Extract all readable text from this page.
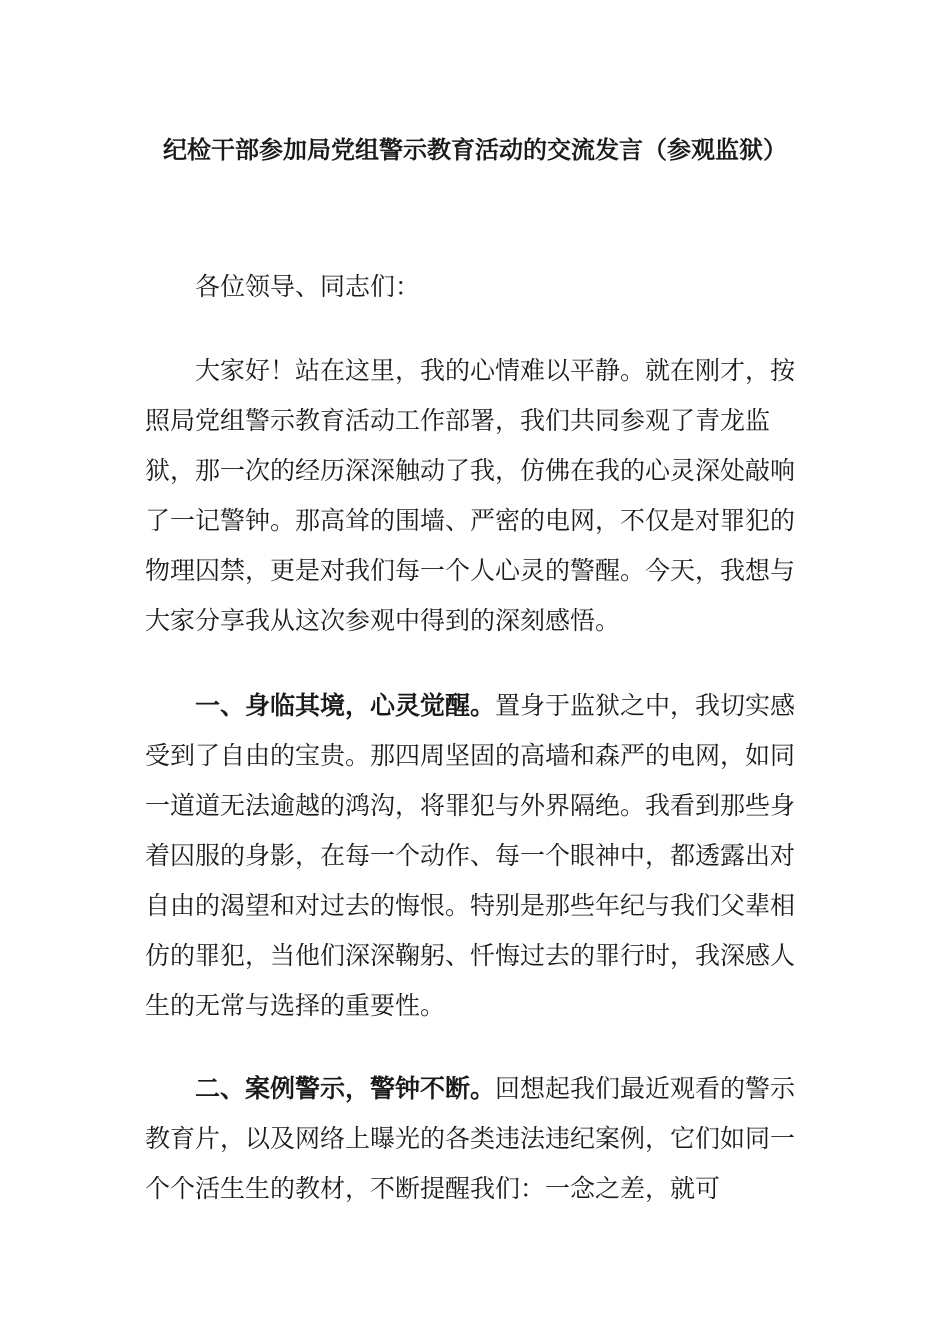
纪检干部参加局党组警示教育活动的交流发言（参观监狱）

各位领导、同志们：

大家好！站在这里，我的心情难以平静。就在刚才，按照局党组警示教育活动工作部署，我们共同参观了青龙监狱，那一次的经历深深触动了我，仿佛在我的心灵深处敲响了一记警钟。那高耸的围墙、严密的电网，不仅是对罪犯的物理囚禁，更是对我们每一个人心灵的警醒。今天，我想与大家分享我从这次参观中得到的深刻感悟。

一、身临其境，心灵觉醒。置身于监狱之中，我切实感受到了自由的宝贵。那四周坚固的高墙和森严的电网，如同一道道无法逾越的鸿沟，将罪犯与外界隔绝。我看到那些身着囚服的身影，在每一个动作、每一个眼神中，都透露出对自由的渴望和对过去的悔恨。特别是那些年纪与我们父辈相仿的罪犯，当他们深深鞠躬、忏悔过去的罪行时，我深感人生的无常与选择的重要性。

二、案例警示，警钟不断。回想起我们最近观看的警示教育片，以及网络上曝光的各类违法违纪案例，它们如同一个个活生生的教材，不断提醒我们：一念之差，就可
